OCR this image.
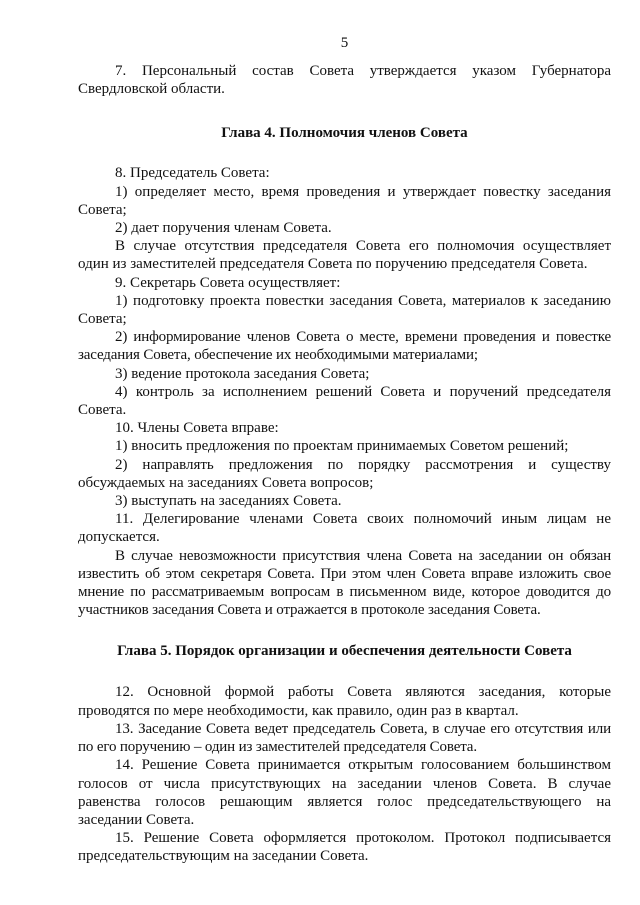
5

7. Персональный состав Совета утверждается указом Губернатора Свердловской области.

Глава 4. Полномочия членов Совета

8. Председатель Совета:

1) определяет место, время проведения и утверждает повестку заседания Совета;

2) дает поручения членам Совета.

В случае отсутствия председателя Совета его полномочия осуществляет один из заместителей председателя Совета по поручению председателя Совета.

9. Секретарь Совета осуществляет:

1) подготовку проекта повестки заседания Совета, материалов к заседанию Совета;

2) информирование членов Совета о месте, времени проведения и повестке заседания Совета, обеспечение их необходимыми материалами;

3) ведение протокола заседания Совета;

4) контроль за исполнением решений Совета и поручений председателя Совета.

10. Члены Совета вправе:

1) вносить предложения по проектам принимаемых Советом решений;

2) направлять предложения по порядку рассмотрения и существу обсуждаемых на заседаниях Совета вопросов;

3) выступать на заседаниях Совета.

11. Делегирование членами Совета своих полномочий иным лицам не допускается.

В случае невозможности присутствия члена Совета на заседании он обязан известить об этом секретаря Совета. При этом член Совета вправе изложить свое мнение по рассматриваемым вопросам в письменном виде, которое доводится до участников заседания Совета и отражается в протоколе заседания Совета.

Глава 5. Порядок организации и обеспечения деятельности Совета

12. Основной формой работы Совета являются заседания, которые проводятся по мере необходимости, как правило, один раз в квартал.

13. Заседание Совета ведет председатель Совета, в случае его отсутствия или по его поручению – один из заместителей председателя Совета.

14. Решение Совета принимается открытым голосованием большинством голосов от числа присутствующих на заседании членов Совета. В случае равенства голосов решающим является голос председательствующего на заседании Совета.

15. Решение Совета оформляется протоколом. Протокол подписывается председательствующим на заседании Совета.
